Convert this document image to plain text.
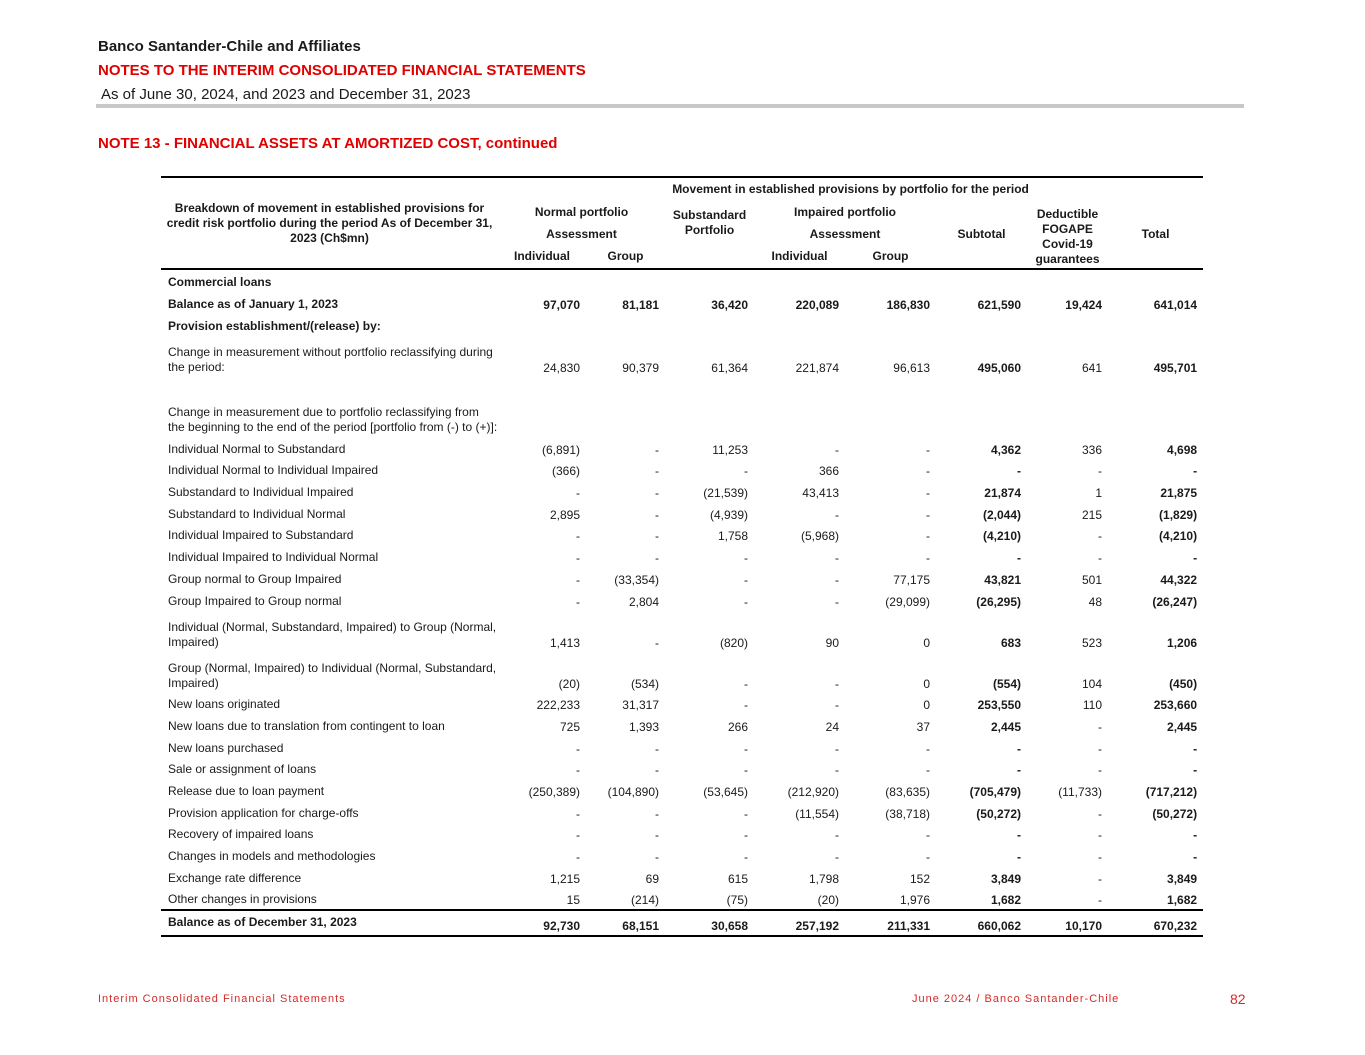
Banco Santander-Chile and Affiliates
NOTES TO THE INTERIM CONSOLIDATED FINANCIAL STATEMENTS
As of June 30, 2024, and 2023 and December 31, 2023
NOTE 13 - FINANCIAL ASSETS AT AMORTIZED COST, continued
Breakdown of movement in established provisions for credit risk portfolio during the period As of December 31, 2023 (Ch$mn)	Movement in established provisions by portfolio for the period							
	Normal portfolio		Substandard Portfolio	Impaired portfolio		Subtotal	Deductible FOGAPE Covid-19 guarantees	Total
	Assessment			Assessment				
	Individual	Group		Individual	Group			
Commercial loans								
Balance as of January 1, 2023	97,070	81,181	36,420	220,089	186,830	621,590	19,424	641,014
Provision establishment/(release) by:								
Change in measurement without portfolio reclassifying during the period:	24,830	90,379	61,364	221,874	96,613	495,060	641	495,701
Change in measurement due to portfolio reclassifying from the beginning to the end of the period [portfolio from (-) to (+)]:								
Individual Normal to Substandard	(6,891)	-	11,253	-	-	4,362	336	4,698
Individual Normal to Individual Impaired	(366)	-	-	366	-	-	-	-
Substandard to Individual Impaired	-	-	(21,539)	43,413	-	21,874	1	21,875
Substandard to Individual Normal	2,895	-	(4,939)	-	-	(2,044)	215	(1,829)
Individual Impaired to Substandard	-	-	1,758	(5,968)	-	(4,210)	-	(4,210)
Individual Impaired to Individual Normal	-	-	-	-	-	-	-	-
Group normal to Group Impaired	-	(33,354)	-	-	77,175	43,821	501	44,322
Group Impaired to Group normal	-	2,804	-	-	(29,099)	(26,295)	48	(26,247)
Individual (Normal, Substandard, Impaired) to Group (Normal, Impaired)	1,413	-	(820)	90	0	683	523	1,206
Group (Normal, Impaired) to Individual (Normal, Substandard, Impaired)	(20)	(534)	-	-	0	(554)	104	(450)
New loans originated	222,233	31,317	-	-	0	253,550	110	253,660
New loans due to translation from contingent to loan	725	1,393	266	24	37	2,445	-	2,445
New loans purchased	-	-	-	-	-	-	-	-
Sale or assignment of loans	-	-	-	-	-	-	-	-
Release due to loan payment	(250,389)	(104,890)	(53,645)	(212,920)	(83,635)	(705,479)	(11,733)	(717,212)
Provision application for charge-offs	-	-	-	(11,554)	(38,718)	(50,272)	-	(50,272)
Recovery of impaired loans	-	-	-	-	-	-	-	-
Changes in models and methodologies	-	-	-	-	-	-	-	-
Exchange rate difference	1,215	69	615	1,798	152	3,849	-	3,849
Other changes in provisions	15	(214)	(75)	(20)	1,976	1,682	-	1,682
Balance as of December 31, 2023	92,730	68,151	30,658	257,192	211,331	660,062	10,170	670,232
Interim Consolidated Financial Statements	June 2024 / Banco Santander-Chile	82
